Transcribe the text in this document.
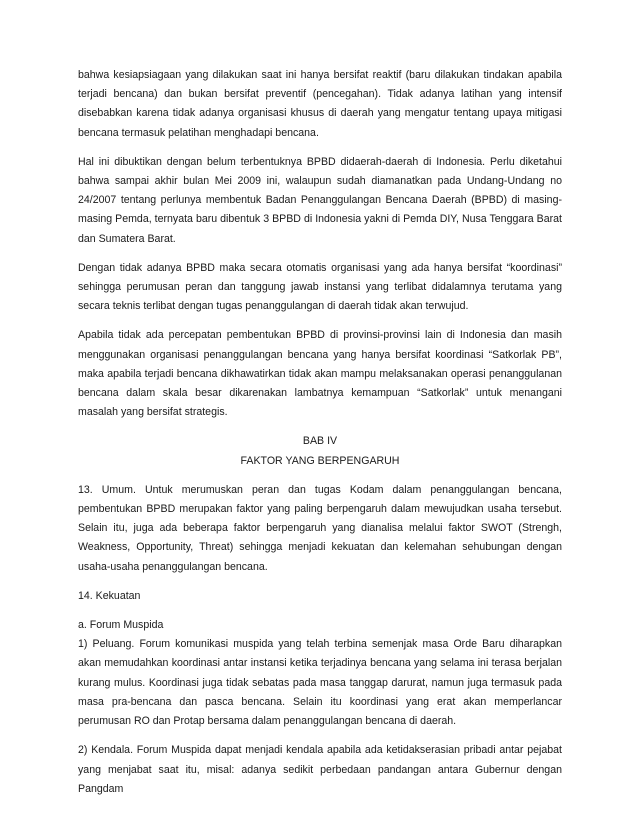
bahwa kesiapsiagaan yang dilakukan saat ini hanya bersifat reaktif (baru dilakukan tindakan apabila terjadi bencana) dan bukan bersifat preventif (pencegahan). Tidak adanya latihan yang intensif disebabkan karena tidak adanya organisasi khusus di daerah yang mengatur tentang upaya mitigasi bencana termasuk pelatihan menghadapi bencana.

Hal ini dibuktikan dengan belum terbentuknya BPBD didaerah-daerah di Indonesia. Perlu diketahui bahwa sampai akhir bulan Mei 2009 ini, walaupun sudah diamanatkan pada Undang-Undang no 24/2007 tentang perlunya membentuk Badan Penanggulangan Bencana Daerah (BPBD) di masing-masing Pemda, ternyata baru dibentuk 3 BPBD di Indonesia yakni di Pemda DIY, Nusa Tenggara Barat dan Sumatera Barat.

Dengan tidak adanya BPBD maka secara otomatis organisasi yang ada hanya bersifat “koordinasi” sehingga perumusan peran dan tanggung jawab instansi yang terlibat didalamnya terutama yang secara teknis terlibat dengan tugas penanggulangan di daerah tidak akan terwujud.

Apabila tidak ada percepatan pembentukan BPBD di provinsi-provinsi lain di Indonesia dan masih menggunakan organisasi penanggulangan bencana yang hanya bersifat koordinasi “Satkorlak PB”, maka apabila terjadi bencana dikhawatirkan tidak akan mampu melaksanakan operasi penanggulanan bencana dalam skala besar dikarenakan lambatnya kemampuan “Satkorlak” untuk menangani masalah yang bersifat strategis.

BAB IV

FAKTOR YANG BERPENGARUH

13. Umum. Untuk merumuskan peran dan tugas Kodam dalam penanggulangan bencana, pembentukan BPBD merupakan faktor yang paling berpengaruh dalam mewujudkan usaha tersebut. Selain itu, juga ada beberapa faktor berpengaruh yang dianalisa melalui faktor SWOT (Strengh, Weakness, Opportunity, Threat) sehingga menjadi kekuatan dan kelemahan sehubungan dengan usaha-usaha penanggulangan bencana.

14. Kekuatan

a. Forum Muspida

1) Peluang. Forum komunikasi muspida yang telah terbina semenjak masa Orde Baru diharapkan akan memudahkan koordinasi antar instansi ketika terjadinya bencana yang selama ini terasa berjalan kurang mulus. Koordinasi juga tidak sebatas pada masa tanggap darurat, namun juga termasuk pada masa pra-bencana dan pasca bencana. Selain itu koordinasi yang erat akan memperlancar perumusan RO dan Protap bersama dalam penanggulangan bencana di daerah.

2) Kendala. Forum Muspida dapat menjadi kendala apabila ada ketidakserasian pribadi antar pejabat yang menjabat saat itu, misal: adanya sedikit perbedaan pandangan antara Gubernur dengan Pangdam
